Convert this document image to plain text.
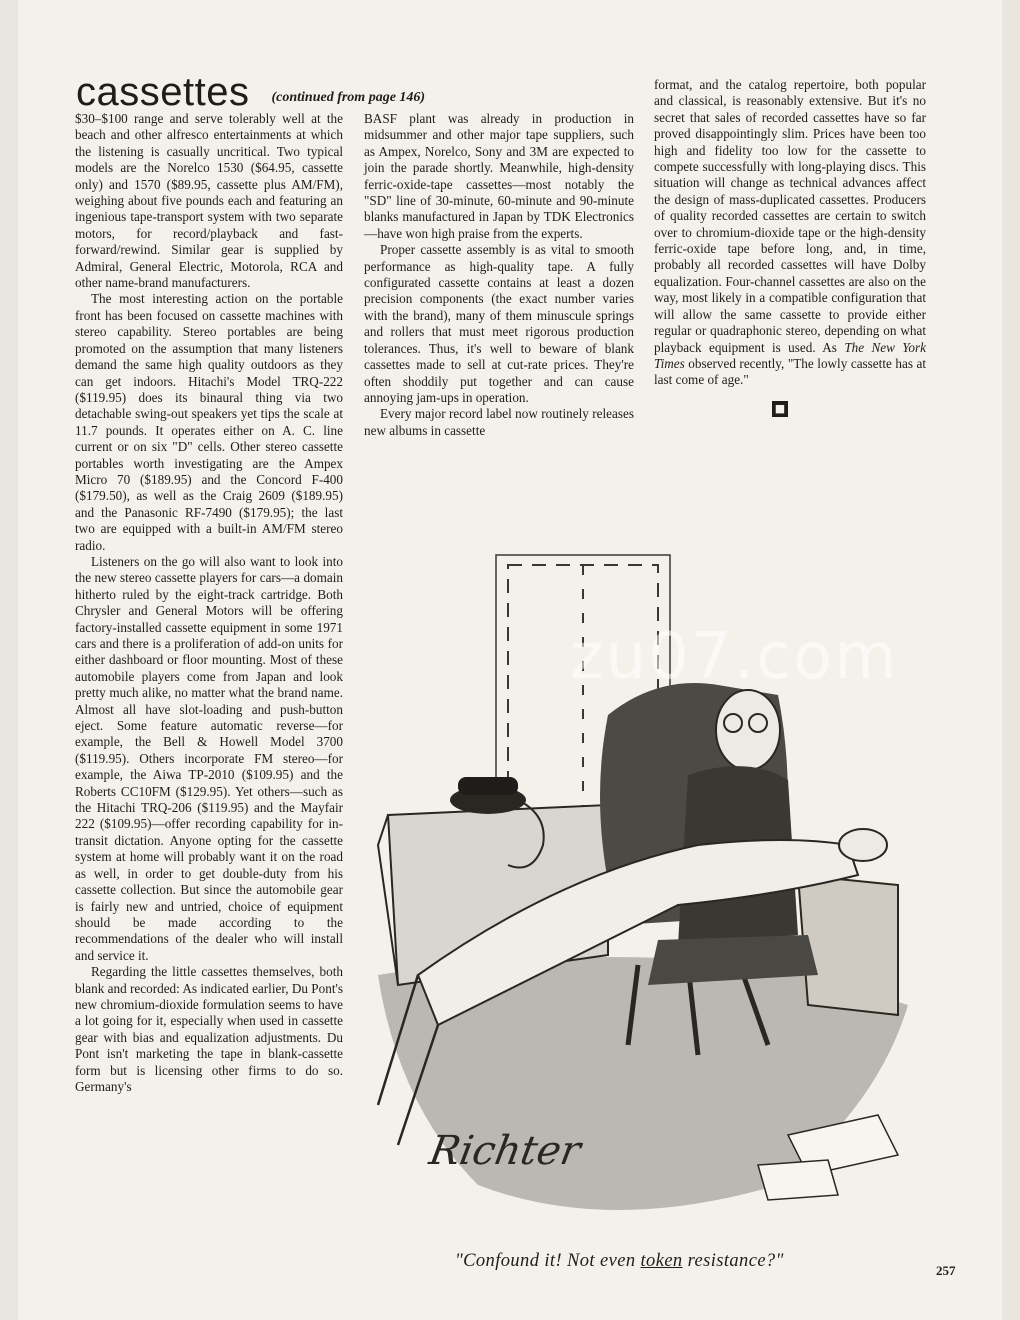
cassettes (continued from page 146)

$30–$100 range and serve tolerably well at the beach and other alfresco entertainments at which the listening is casually uncritical. Two typical models are the Norelco 1530 ($64.95, cassette only) and 1570 ($89.95, cassette plus AM/FM), weighing about five pounds each and featuring an ingenious tape-transport system with two separate motors, for record/playback and fast-forward/rewind. Similar gear is supplied by Admiral, General Electric, Motorola, RCA and other name-brand manufacturers.

The most interesting action on the portable front has been focused on cassette machines with stereo capability. Stereo portables are being promoted on the assumption that many listeners demand the same high quality outdoors as they can get indoors. Hitachi's Model TRQ-222 ($119.95) does its binaural thing via two detachable swing-out speakers yet tips the scale at 11.7 pounds. It operates either on A. C. line current or on six "D" cells. Other stereo cassette portables worth investigating are the Ampex Micro 70 ($189.95) and the Concord F-400 ($179.50), as well as the Craig 2609 ($189.95) and the Panasonic RF-7490 ($179.95); the last two are equipped with a built-in AM/FM stereo radio.

Listeners on the go will also want to look into the new stereo cassette players for cars—a domain hitherto ruled by the eight-track cartridge. Both Chrysler and General Motors will be offering factory-installed cassette equipment in some 1971 cars and there is a proliferation of add-on units for either dashboard or floor mounting. Most of these automobile players come from Japan and look pretty much alike, no matter what the brand name. Almost all have slot-loading and push-button eject. Some feature automatic reverse—for example, the Bell & Howell Model 3700 ($119.95). Others incorporate FM stereo—for example, the Aiwa TP-2010 ($109.95) and the Roberts CC10FM ($129.95). Yet others—such as the Hitachi TRQ-206 ($119.95) and the Mayfair 222 ($109.95)—offer recording capability for in-transit dictation. Anyone opting for the cassette system at home will probably want it on the road as well, in order to get double-duty from his cassette collection. But since the automobile gear is fairly new and untried, choice of equipment should be made according to the recommendations of the dealer who will install and service it.

Regarding the little cassettes themselves, both blank and recorded: As indicated earlier, Du Pont's new chromium-dioxide formulation seems to have a lot going for it, especially when used in cassette gear with bias and equalization adjustments. Du Pont isn't marketing the tape in blank-cassette form but is licensing other firms to do so. Germany's

BASF plant was already in production in midsummer and other major tape suppliers, such as Ampex, Norelco, Sony and 3M are expected to join the parade shortly. Meanwhile, high-density ferric-oxide-tape cassettes—most notably the "SD" line of 30-minute, 60-minute and 90-minute blanks manufactured in Japan by TDK Electronics—have won high praise from the experts.

Proper cassette assembly is as vital to smooth performance as high-quality tape. A fully configurated cassette contains at least a dozen precision components (the exact number varies with the brand), many of them minuscule springs and rollers that must meet rigorous production tolerances. Thus, it's well to beware of blank cassettes made to sell at cut-rate prices. They're often shoddily put together and can cause annoying jam-ups in operation.

Every major record label now routinely releases new albums in cassette

format, and the catalog repertoire, both popular and classical, is reasonably extensive. But it's no secret that sales of recorded cassettes have so far proved disappointingly slim. Prices have been too high and fidelity too low for the cassette to compete successfully with long-playing discs. This situation will change as technical advances affect the design of mass-duplicated cassettes. Producers of quality recorded cassettes are certain to switch over to chromium-dioxide tape or the high-density ferric-oxide tape before long, and, in time, probably all recorded cassettes will have Dolby equalization. Four-channel cassettes are also on the way, most likely in a compatible configuration that will allow the same cassette to provide either regular or quadraphonic stereo, depending on what playback equipment is used. As The New York Times observed recently, "The lowly cassette has at last come of age."

■
zu07.com
Richter
"Confound it! Not even token resistance?"	257
